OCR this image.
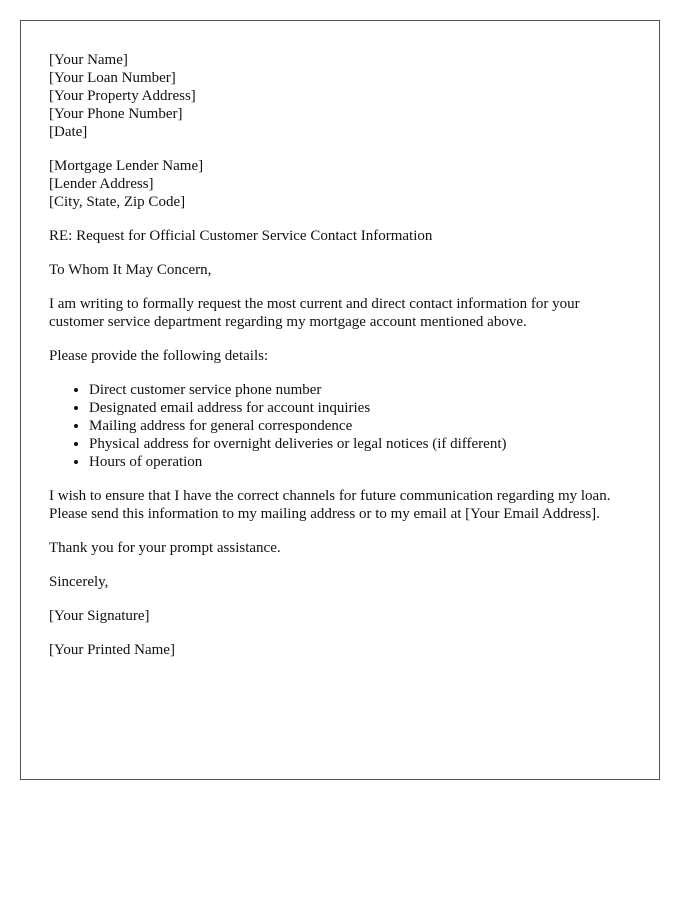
[Your Name]
[Your Loan Number]
[Your Property Address]
[Your Phone Number]
[Date]
[Mortgage Lender Name]
[Lender Address]
[City, State, Zip Code]

RE: Request for Official Customer Service Contact Information

To Whom It May Concern,

I am writing to formally request the most current and direct contact information for your customer service department regarding my mortgage account mentioned above.

Please provide the following details:

• Direct customer service phone number
• Designated email address for account inquiries
• Mailing address for general correspondence
• Physical address for overnight deliveries or legal notices (if different)
• Hours of operation

I wish to ensure that I have the correct channels for future communication regarding my loan. Please send this information to my mailing address or to my email at [Your Email Address].

Thank you for your prompt assistance.

Sincerely,

[Your Signature]

[Your Printed Name]
